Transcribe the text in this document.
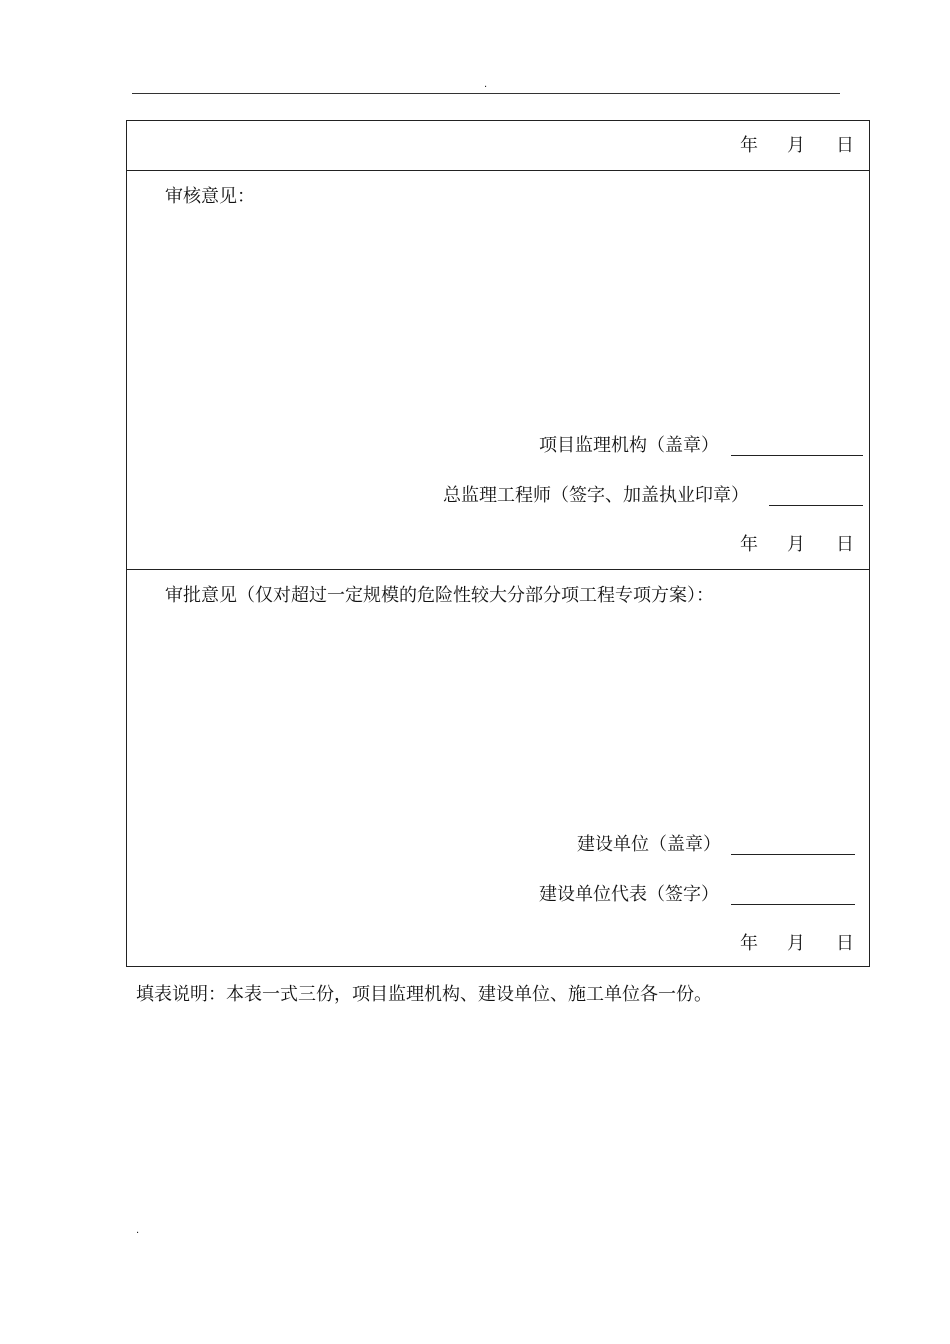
.
年 月 日
审核意见：
项目监理机构（盖章）
总监理工程师（签字、加盖执业印章）
年 月 日
审批意见（仅对超过一定规模的危险性较大分部分项工程专项方案）：
建设单位（盖章）
建设单位代表（签字）
年 月 日
填表说明：本表一式三份，项目监理机构、建设单位、施工单位各一份。
.
